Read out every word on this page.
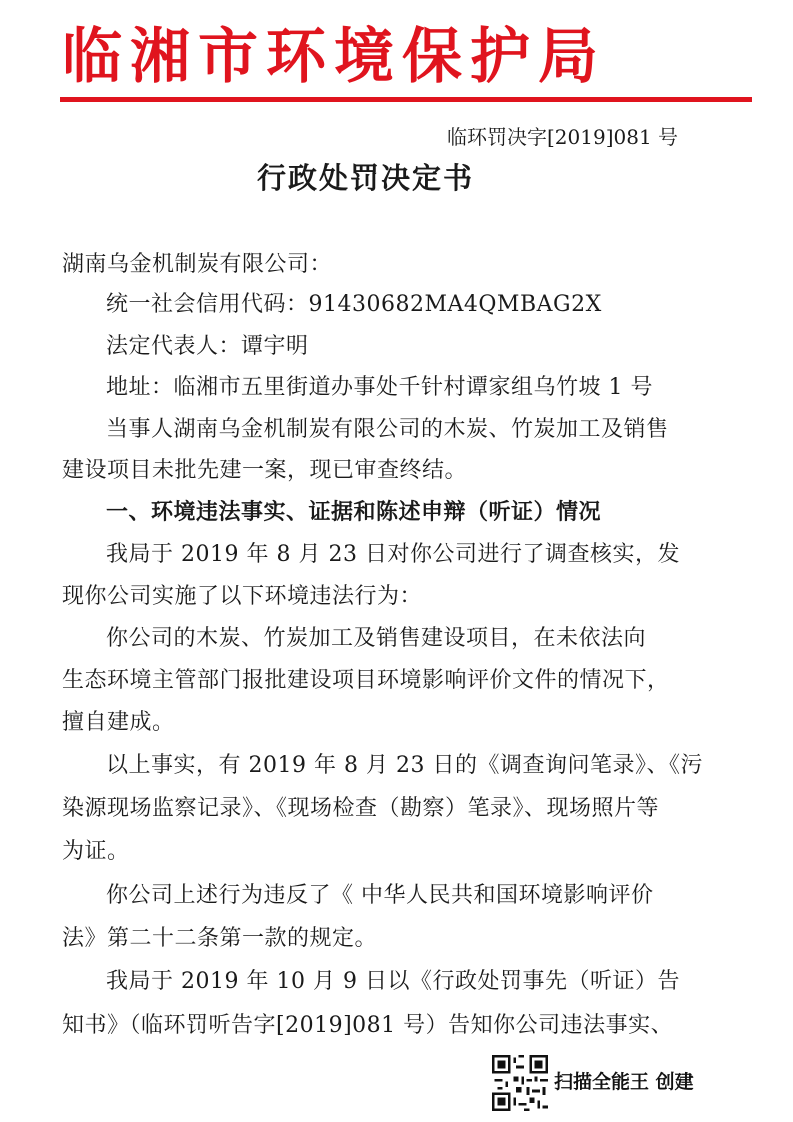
临湘市环境保护局
临环罚决字[2019]081 号
行政处罚决定书
湖南乌金机制炭有限公司：
统一社会信用代码：91430682MA4QMBAG2X
法定代表人：谭宇明
地址：临湘市五里街道办事处千针村谭家组乌竹坡 1 号
当事人湖南乌金机制炭有限公司的木炭、竹炭加工及销售
建设项目未批先建一案，现已审查终结。
一、环境违法事实、证据和陈述申辩（听证）情况
我局于 2019 年 8 月 23 日对你公司进行了调查核实，发
现你公司实施了以下环境违法行为：
你公司的木炭、竹炭加工及销售建设项目，在未依法向
生态环境主管部门报批建设项目环境影响评价文件的情况下，
擅自建成。
以上事实，有 2019 年 8 月 23 日的《调查询问笔录》、《污
染源现场监察记录》、《现场检查（勘察）笔录》、现场照片等
为证。
你公司上述行为违反了《 中华人民共和国环境影响评价
法》第二十二条第一款的规定。
我局于 2019 年 10 月 9 日以《行政处罚事先（听证）告
知书》（临环罚听告字[2019]081 号）告知你公司违法事实、
扫描全能王 创建
